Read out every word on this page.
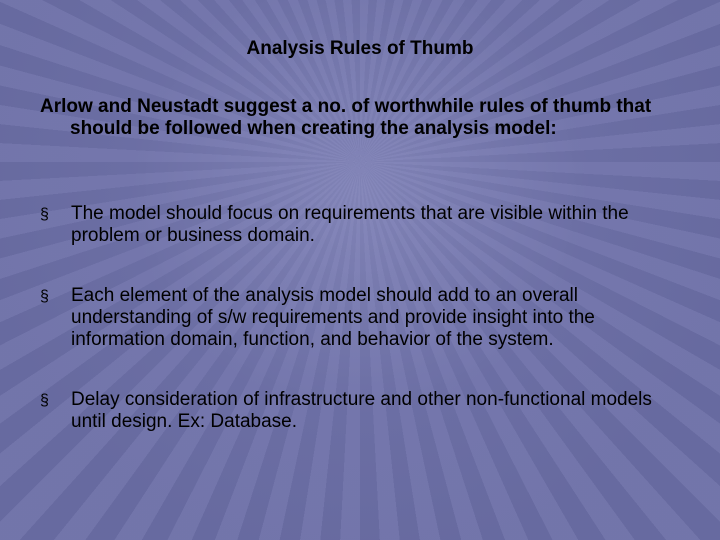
Analysis Rules of Thumb

Arlow and Neustadt suggest a no. of worthwhile rules of thumb that should be followed when creating the analysis model:

§ The model should focus on requirements that are visible within the problem or business domain.
§ Each element of the analysis model should add to an overall understanding of s/w requirements and provide insight into the information domain, function, and behavior of the system.
§ Delay consideration of infrastructure and other non-functional models until design. Ex: Database.
